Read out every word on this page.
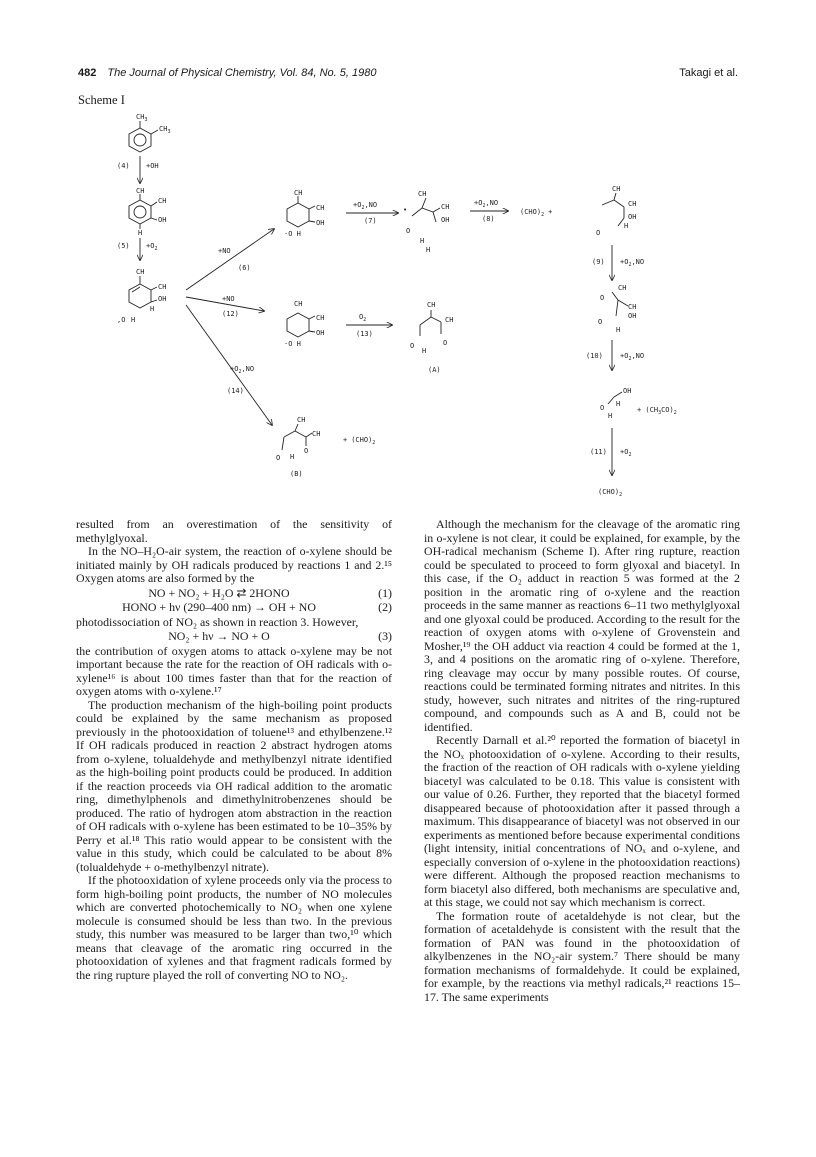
482 The Journal of Physical Chemistry, Vol. 84, No. 5, 1980	Takagi et al.
Scheme I
$CH_3$
$CH_3$
(4) +OH
CH
CH
OH
H
$(5) +O_2$
CH
CH
OH
H
,O H
+NO
(6)
+NO
(12)
$+O_2,NO$
(14)
CH
CH
OH
·O H
$+O_2,NO$
(7)
CH
CH
OH
•
O
H
H
$+O_2,NO$
(8)
$(CHO)_2$ +
CH
CH
OH
O
H
$(9) +O_2,NO$
CH
O
CH
OH
O
H
$(10) +O_2,NO$
OH
O H
H
+ $(CH_3CO)_2$
$(11) +O_2$
$(CHO)_2$
CH
CH
OH
·O H
$O_2$
(13)
CH
CH
O	O
H
(A)
CH
CH
O
O H
+ $(CHO)_2$
(B)

resulted from an overestimation of the sensitivity of methylglyoxal.

In the NO–H₂O-air system, the reaction of o-xylene should be initiated mainly by OH radicals produced by reactions 1 and 2.¹⁵ Oxygen atoms are also formed by the

NO + NO₂ + H₂O ⇄ 2HONO	(1)
HONO + hν (290–400 nm) → OH + NO	(2)

photodissociation of NO₂ as shown in reaction 3. However,

NO₂ + hν → NO + O	(3)

the contribution of oxygen atoms to attack o-xylene may be not important because the rate for the reaction of OH radicals with o-xylene¹⁶ is about 100 times faster than that for the reaction of oxygen atoms with o-xylene.¹⁷

The production mechanism of the high-boiling point products could be explained by the same mechanism as proposed previously in the photooxidation of toluene¹³ and ethylbenzene.¹² If OH radicals produced in reaction 2 abstract hydrogen atoms from o-xylene, tolualdehyde and methylbenzyl nitrate identified as the high-boiling point products could be produced. In addition if the reaction proceeds via OH radical addition to the aromatic ring, dimethylphenols and dimethylnitrobenzenes should be produced. The ratio of hydrogen atom abstraction in the reaction of OH radicals with o-xylene has been estimated to be 10–35% by Perry et al.¹⁸ This ratio would appear to be consistent with the value in this study, which could be calculated to be about 8% (tolualdehyde + o-methylbenzyl nitrate).

If the photooxidation of xylene proceeds only via the process to form high-boiling point products, the number of NO molecules which are converted photochemically to NO₂ when one xylene molecule is consumed should be less than two. In the previous study, this number was measured to be larger than two,¹⁰ which means that cleavage of the aromatic ring occurred in the photooxidation of xylenes and that fragment radicals formed by the ring rupture played the roll of converting NO to NO₂.

Although the mechanism for the cleavage of the aromatic ring in o-xylene is not clear, it could be explained, for example, by the OH-radical mechanism (Scheme I). After ring rupture, reaction could be speculated to proceed to form glyoxal and biacetyl. In this case, if the O₂ adduct in reaction 5 was formed at the 2 position in the aromatic ring of o-xylene and the reaction proceeds in the same manner as reactions 6–11 two methylglyoxal and one glyoxal could be produced. According to the result for the reaction of oxygen atoms with o-xylene of Grovenstein and Mosher,¹⁹ the OH adduct via reaction 4 could be formed at the 1, 3, and 4 positions on the aromatic ring of o-xylene. Therefore, ring cleavage may occur by many possible routes. Of course, reactions could be terminated forming nitrates and nitrites. In this study, however, such nitrates and nitrites of the ring-ruptured compound, and compounds such as A and B, could not be identified.

Recently Darnall et al.²⁰ reported the formation of biacetyl in the NOₓ photooxidation of o-xylene. According to their results, the fraction of the reaction of OH radicals with o-xylene yielding biacetyl was calculated to be 0.18. This value is consistent with our value of 0.26. Further, they reported that the biacetyl formed disappeared because of photooxidation after it passed through a maximum. This disappearance of biacetyl was not observed in our experiments as mentioned before because experimental conditions (light intensity, initial concentrations of NOₓ and o-xylene, and especially conversion of o-xylene in the photooxidation reactions) were different. Although the proposed reaction mechanisms to form biacetyl also differed, both mechanisms are speculative and, at this stage, we could not say which mechanism is correct.

The formation route of acetaldehyde is not clear, but the formation of acetaldehyde is consistent with the result that the formation of PAN was found in the photooxidation of alkylbenzenes in the NO₂-air system.⁷ There should be many formation mechanisms of formaldehyde. It could be explained, for example, by the reactions via methyl radicals,²¹ reactions 15–17. The same experiments
